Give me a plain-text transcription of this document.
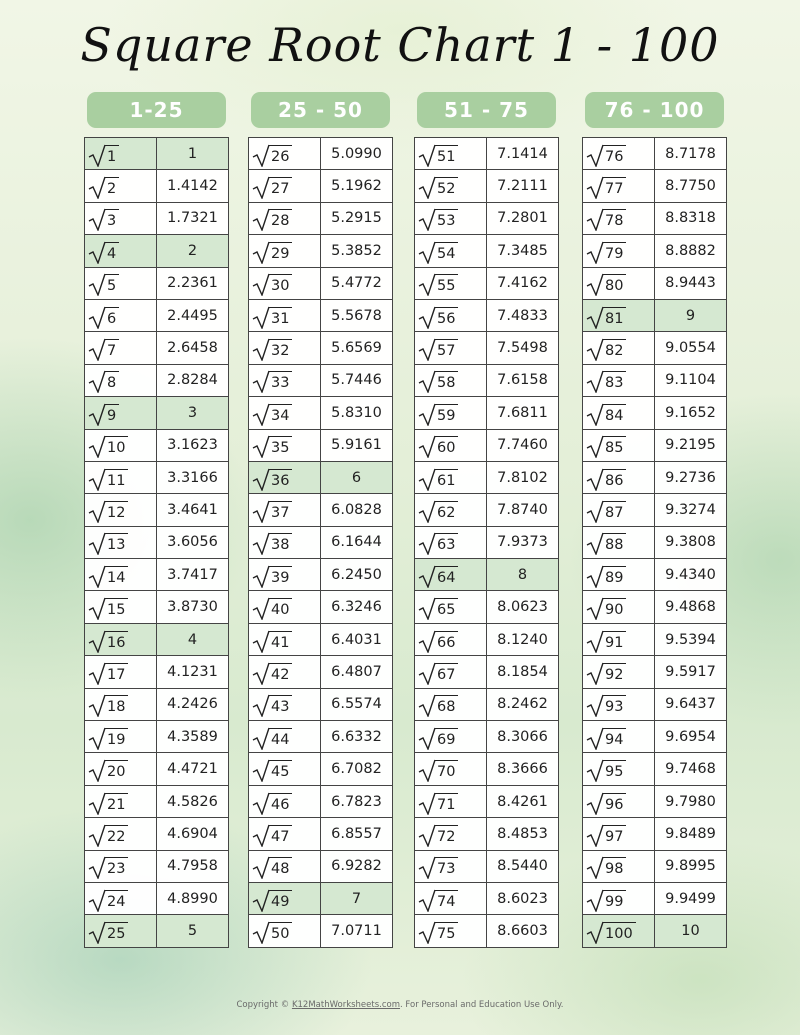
Square Root Chart 1 - 100
1-25
1	1

2	1.4142

3	1.7321

4	2

5	2.2361

6	2.4495

7	2.6458

8	2.8284

9	3

10	3.1623

11	3.3166

12	3.4641

13	3.6056

14	3.7417

15	3.8730

16	4

17	4.1231

18	4.2426

19	4.3589

20	4.4721

21	4.5826

22	4.6904

23	4.7958

24	4.8990

25	5
25 - 50
26	5.0990

27	5.1962

28	5.2915

29	5.3852

30	5.4772

31	5.5678

32	5.6569

33	5.7446

34	5.8310

35	5.9161

36	6

37	6.0828

38	6.1644

39	6.2450

40	6.3246

41	6.4031

42	6.4807

43	6.5574

44	6.6332

45	6.7082

46	6.7823

47	6.8557

48	6.9282

49	7

50	7.0711
51 - 75
51	7.1414

52	7.2111

53	7.2801

54	7.3485

55	7.4162

56	7.4833

57	7.5498

58	7.6158

59	7.6811

60	7.7460

61	7.8102

62	7.8740

63	7.9373

64	8

65	8.0623

66	8.1240

67	8.1854

68	8.2462

69	8.3066

70	8.3666

71	8.4261

72	8.4853

73	8.5440

74	8.6023

75	8.6603
76 - 100
76	8.7178

77	8.7750

78	8.8318

79	8.8882

80	8.9443

81	9

82	9.0554

83	9.1104

84	9.1652

85	9.2195

86	9.2736

87	9.3274

88	9.3808

89	9.4340

90	9.4868

91	9.5394

92	9.5917

93	9.6437

94	9.6954

95	9.7468

96	9.7980

97	9.8489

98	9.8995

99	9.9499

100	10
Copyright © K12MathWorksheets.com. For Personal and Education Use Only.
